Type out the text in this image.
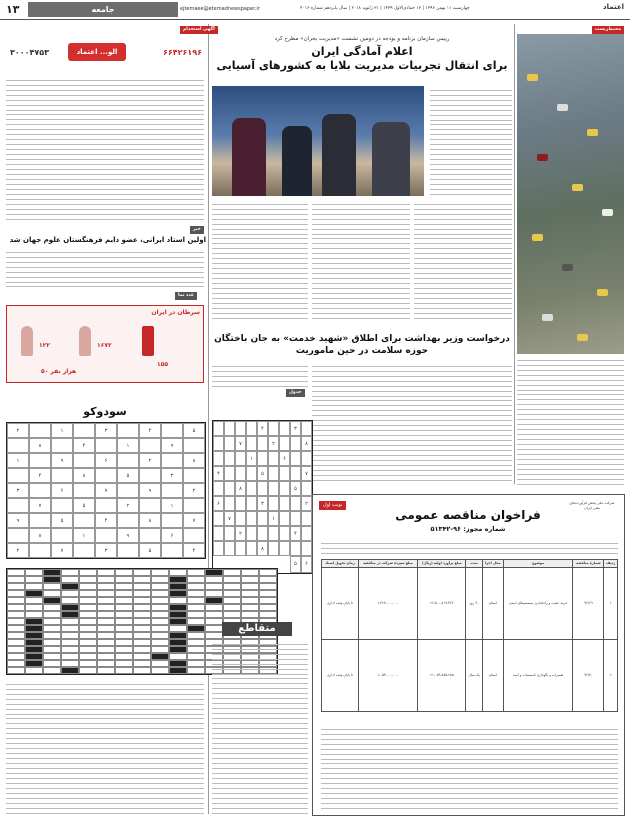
۱۳	جامعه	ejtemaee@etemadnewspaper.ir	چهارشنبه ۱۱ بهمن ۱۳۹۶ | ۱۳ جمادی‌الاول ۱۴۳۹ | ۳۱ ژانویه ۲۰۱۸ | سال پانزدهم شماره ۴۰۱۶	اعتماد
محیط‌زیست
آگهی استخدام
خبر
عدد نما
جدول
رییس سازمان برنامه و بودجه در دومین نشست «مدیریت بحران» مطرح کرد
اعلام آمادگی ایران
برای انتقال تجربیات مدیریت بلایا به کشورهای آسیایی
درخواست وزیر بهداشت برای اطلاق «شهید خدمت» به جان باختگان
حوزه سلامت در حین ماموریت
۶۶۴۲۶۱۹۶
الو... اعتماد
۳۰۰۰۴۷۵۳
اولین استاد ایرانی، عضو دایم فرهنگستان علوم جهان شد
سرطان در ایران
۵۰ هزار نفر
۱۵۵
۱۶۷۲
۱۲۲
سودوکو
۵
۴
۳
۱
۲
۹
۱
۴
۸
۸
۲
۶
۹
۱
۳
۵
۸
۴
۲
۹
۷
۶
۳
۱
۲
۵
۷
۷
۸
۴
۵
۹
۶
۹
۱
۸
۴
۵
۳
۷
۲
۳
۴
۸
۲
۷
۶
۱
۷
۵
۴
۵
۸
۲
۳
۶
۱
۷
۴
۲
۸
۶
۵
متقاطع
نوبت اول	شرکت ملی پخش فرآورده‌های نفتی ایران
فراخوان مناقصه عمومی
شماره مجوز: ۹۶-۵۱۳۴۲
ردیف	شماره مناقصه	موضوع	محل اجرا	مدت	مبلغ برآورد اولیه (ریال)	مبلغ سپرده شرکت در مناقصه	زمان تحویل اسناد
۱	۹۶/۶۹	خرید، نصب و راه‌اندازی سیستم‌های ایمنی	استان	۹۰ روز	۲۶،۵۰۰،۸۱۹،۴۶۶	۱،۳۲۷،۰۰۰،۰۰۰	تا پایان وقت اداری
۲	۹۶/۷۰	تعمیرات و نگهداری تاسیسات و ابنیه	استان	یک سال	۲۱،۰۵۹،۷۸۵،۲۸۵	۱،۰۵۳،۰۰۰،۰۰۰	تا پایان وقت اداری
